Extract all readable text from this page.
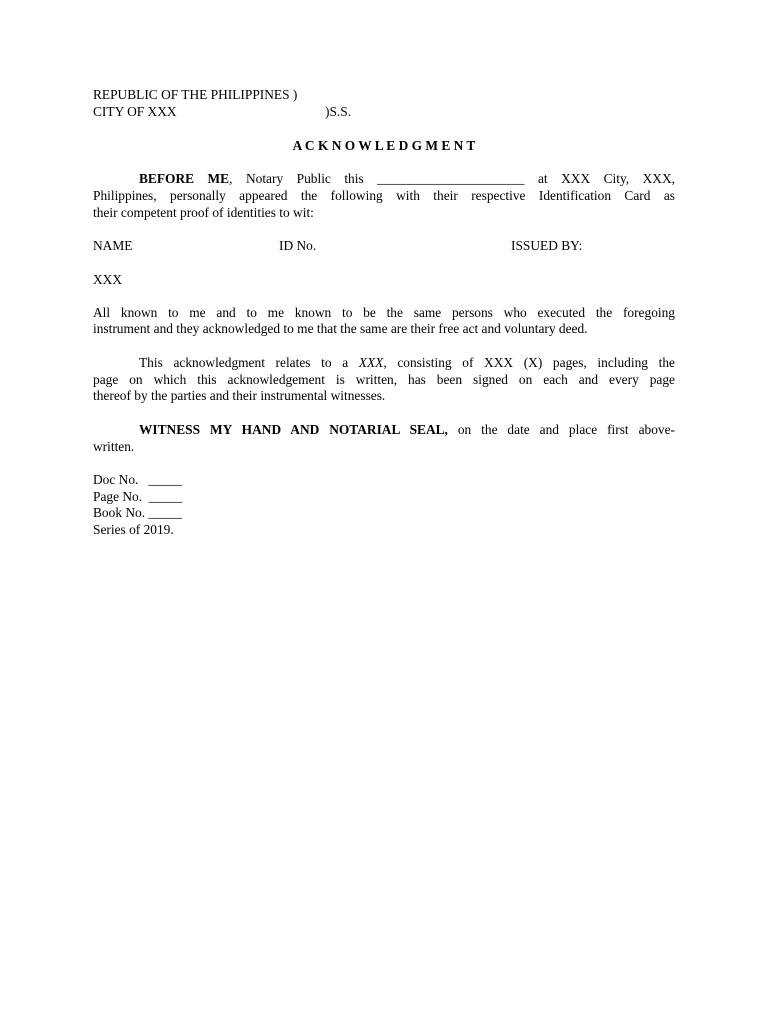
REPUBLIC OF THE PHILIPPINES )
CITY OF XXX	)S.S.
A C K N O W L E D G M E N T
BEFORE ME, Notary Public this ______________________ at XXX City, XXX,
Philippines, personally appeared the following with their respective Identification Card as
their competent proof of identities to wit:
NAME	ID No.	ISSUED BY:
XXX
All known to me and to me known to be the same persons who executed the foregoing
instrument and they acknowledged to me that the same are their free act and voluntary deed.
This acknowledgment relates to a XXX, consisting of XXX (X) pages, including the
page on which this acknowledgement is written, has been signed on each and every page
thereof by the parties and their instrumental witnesses.
WITNESS MY HAND AND NOTARIAL SEAL, on the date and place first above-
written.
Doc No.   _____
Page No.  _____
Book No. _____
Series of 2019.
